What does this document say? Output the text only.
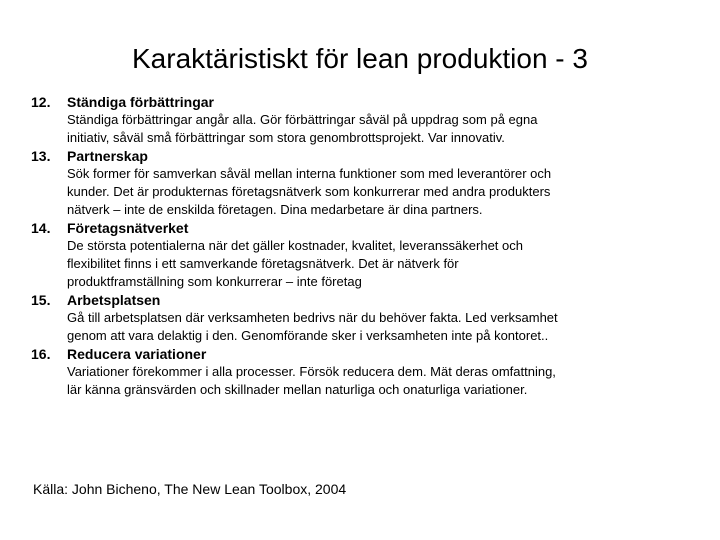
Karaktäristiskt för lean produktion - 3
12. Ständiga förbättringar
Ständiga förbättringar angår alla. Gör förbättringar såväl på uppdrag som på egna
initiativ, såväl små förbättringar som stora genombrottsprojekt. Var innovativ.
13. Partnerskap
Sök former för samverkan såväl mellan interna funktioner som med leverantörer och
kunder. Det är produkternas företagsnätverk som konkurrerar med andra produkters
nätverk – inte de enskilda företagen. Dina medarbetare är dina partners.
14. Företagsnätverket
De största potentialerna när det gäller kostnader, kvalitet, leveranssäkerhet och
flexibilitet finns i ett samverkande företagsnätverk. Det är nätverk för
produktframställning som konkurrerar – inte företag
15. Arbetsplatsen
Gå till arbetsplatsen där verksamheten bedrivs när du behöver fakta. Led verksamhet
genom att vara delaktig i den. Genomförande sker i verksamheten inte på kontoret..
16. Reducera variationer
Variationer förekommer i alla processer. Försök reducera dem. Mät deras omfattning,
lär känna gränsvärden och skillnader mellan naturliga och onaturliga variationer.
Källa: John Bicheno, The New Lean Toolbox, 2004
